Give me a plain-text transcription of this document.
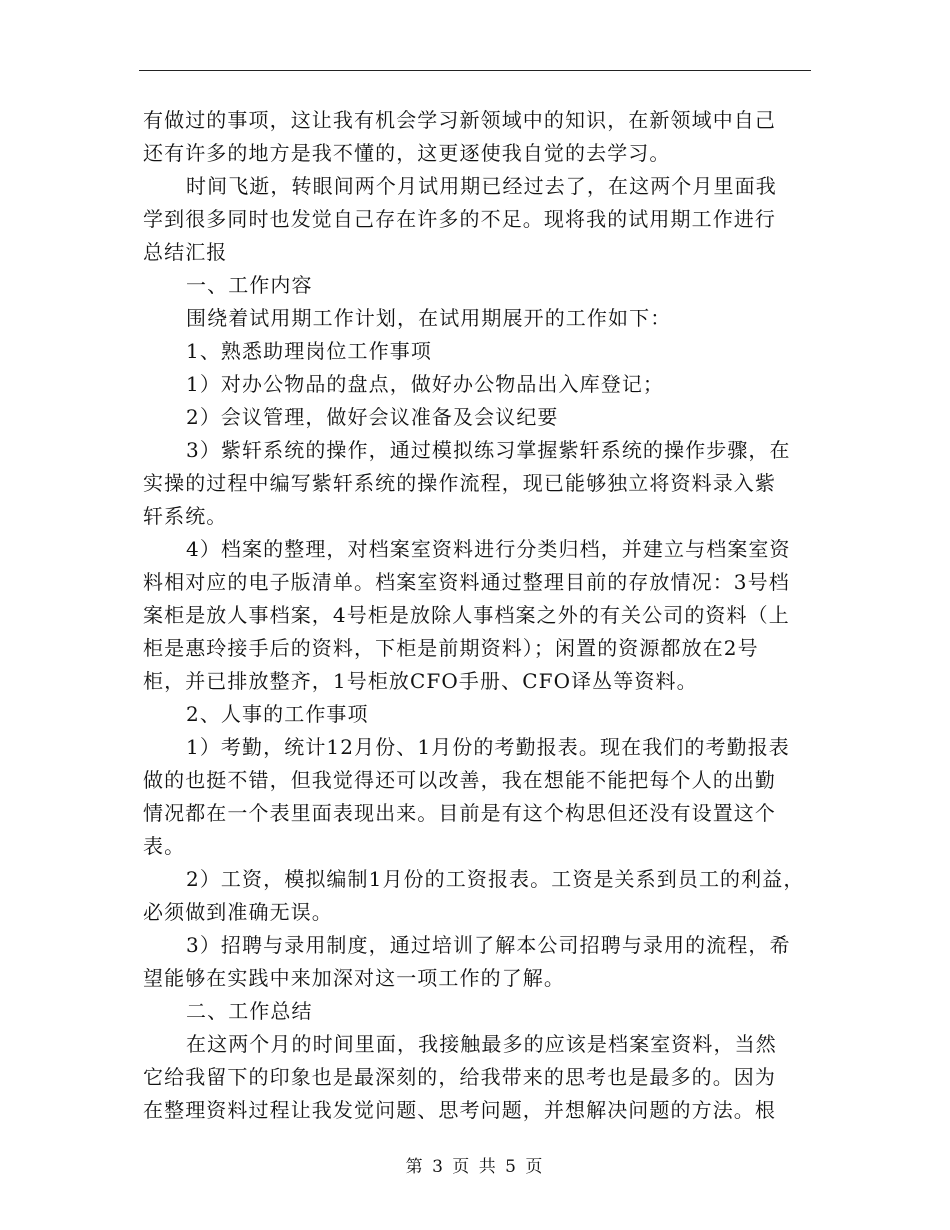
有做过的事项，这让我有机会学习新领域中的知识，在新领域中自己
还有许多的地方是我不懂的，这更逐使我自觉的去学习。
时间飞逝，转眼间两个月试用期已经过去了，在这两个月里面我
学到很多同时也发觉自己存在许多的不足。现将我的试用期工作进行
总结汇报
一、工作内容
围绕着试用期工作计划，在试用期展开的工作如下：
1、熟悉助理岗位工作事项
1）对办公物品的盘点，做好办公物品出入库登记；
2）会议管理，做好会议准备及会议纪要
3）紫轩系统的操作，通过模拟练习掌握紫轩系统的操作步骤，在
实操的过程中编写紫轩系统的操作流程，现已能够独立将资料录入紫
轩系统。
4）档案的整理，对档案室资料进行分类归档，并建立与档案室资
料相对应的电子版清单。档案室资料通过整理目前的存放情况：3号档
案柜是放人事档案，4号柜是放除人事档案之外的有关公司的资料（上
柜是惠玲接手后的资料，下柜是前期资料）；闲置的资源都放在2号
柜，并已排放整齐，1号柜放CFO手册、CFO译丛等资料。
2、人事的工作事项
1）考勤，统计12月份、1月份的考勤报表。现在我们的考勤报表
做的也挺不错，但我觉得还可以改善，我在想能不能把每个人的出勤
情况都在一个表里面表现出来。目前是有这个构思但还没有设置这个
表。
2）工资，模拟编制1月份的工资报表。工资是关系到员工的利益，
必须做到准确无误。
3）招聘与录用制度，通过培训了解本公司招聘与录用的流程，希
望能够在实践中来加深对这一项工作的了解。
二、工作总结
在这两个月的时间里面，我接触最多的应该是档案室资料，当然
它给我留下的印象也是最深刻的，给我带来的思考也是最多的。因为
在整理资料过程让我发觉问题、思考问题，并想解决问题的方法。根
第 3 页 共 5 页
